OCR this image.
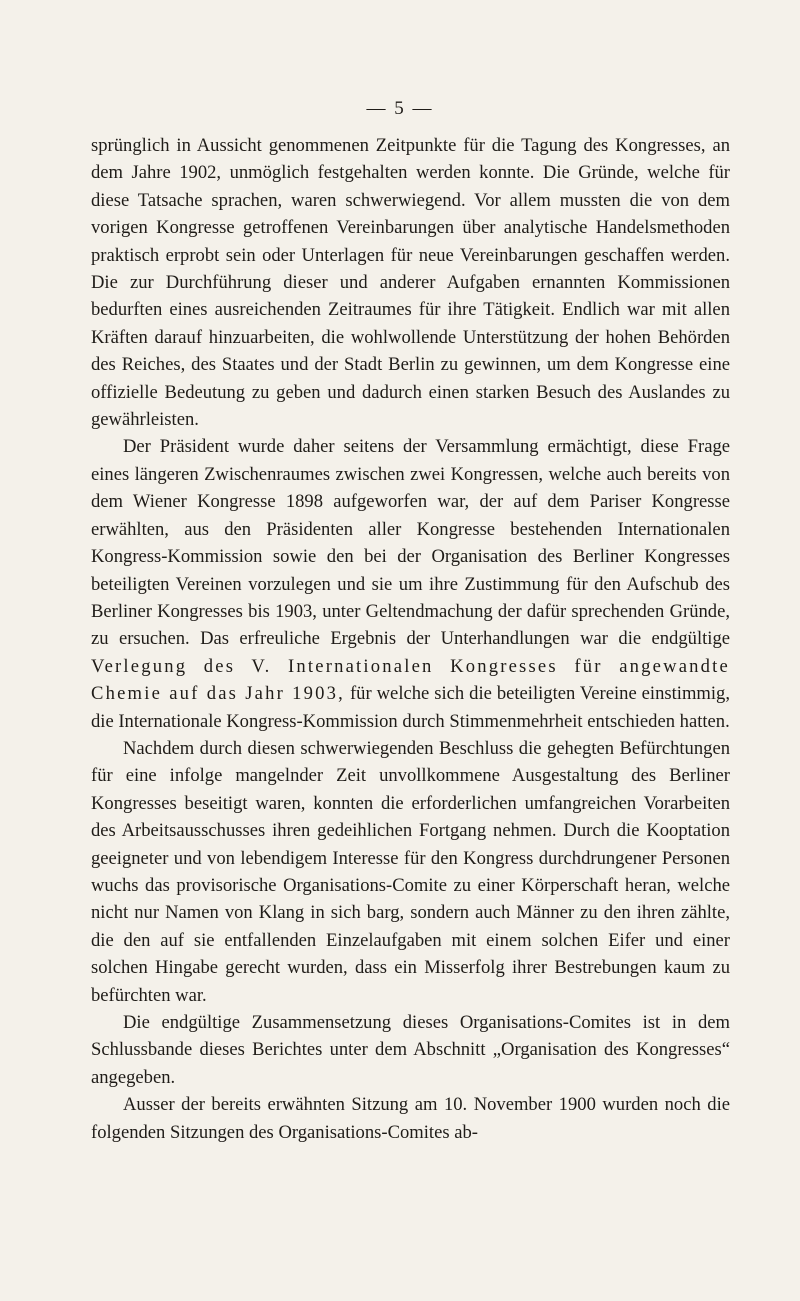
— 5 —

sprünglich in Aussicht genommenen Zeitpunkte für die Tagung des Kongresses, an dem Jahre 1902, unmöglich festgehalten werden konnte. Die Gründe, welche für diese Tatsache sprachen, waren schwerwiegend. Vor allem mussten die von dem vorigen Kongresse getroffenen Vereinbarungen über analytische Handelsmethoden praktisch erprobt sein oder Unterlagen für neue Vereinbarungen geschaffen werden. Die zur Durchführung dieser und anderer Aufgaben ernannten Kommissionen bedurften eines ausreichenden Zeitraumes für ihre Tätigkeit. Endlich war mit allen Kräften darauf hinzuarbeiten, die wohlwollende Unterstützung der hohen Behörden des Reiches, des Staates und der Stadt Berlin zu gewinnen, um dem Kongresse eine offizielle Bedeutung zu geben und dadurch einen starken Besuch des Auslandes zu gewährleisten.

Der Präsident wurde daher seitens der Versammlung ermächtigt, diese Frage eines längeren Zwischenraumes zwischen zwei Kongressen, welche auch bereits von dem Wiener Kongresse 1898 aufgeworfen war, der auf dem Pariser Kongresse erwählten, aus den Präsidenten aller Kongresse bestehenden Internationalen Kongress-Kommission sowie den bei der Organisation des Berliner Kongresses beteiligten Vereinen vorzulegen und sie um ihre Zustimmung für den Aufschub des Berliner Kongresses bis 1903, unter Geltendmachung der dafür sprechenden Gründe, zu ersuchen. Das erfreuliche Ergebnis der Unterhandlungen war die endgültige Verlegung des V. Internationalen Kongresses für angewandte Chemie auf das Jahr 1903, für welche sich die beteiligten Vereine einstimmig, die Internationale Kongress-Kommission durch Stimmenmehrheit entschieden hatten.

Nachdem durch diesen schwerwiegenden Beschluss die gehegten Befürchtungen für eine infolge mangelnder Zeit unvollkommene Ausgestaltung des Berliner Kongresses beseitigt waren, konnten die erforderlichen umfangreichen Vorarbeiten des Arbeitsausschusses ihren gedeihlichen Fortgang nehmen. Durch die Kooptation geeigneter und von lebendigem Interesse für den Kongress durchdrungener Personen wuchs das provisorische Organisations-Comite zu einer Körperschaft heran, welche nicht nur Namen von Klang in sich barg, sondern auch Männer zu den ihren zählte, die den auf sie entfallenden Einzelaufgaben mit einem solchen Eifer und einer solchen Hingabe gerecht wurden, dass ein Misserfolg ihrer Bestrebungen kaum zu befürchten war.

Die endgültige Zusammensetzung dieses Organisations-Comites ist in dem Schlussbande dieses Berichtes unter dem Abschnitt „Organisation des Kongresses“ angegeben.

Ausser der bereits erwähnten Sitzung am 10. November 1900 wurden noch die folgenden Sitzungen des Organisations-Comites ab-
